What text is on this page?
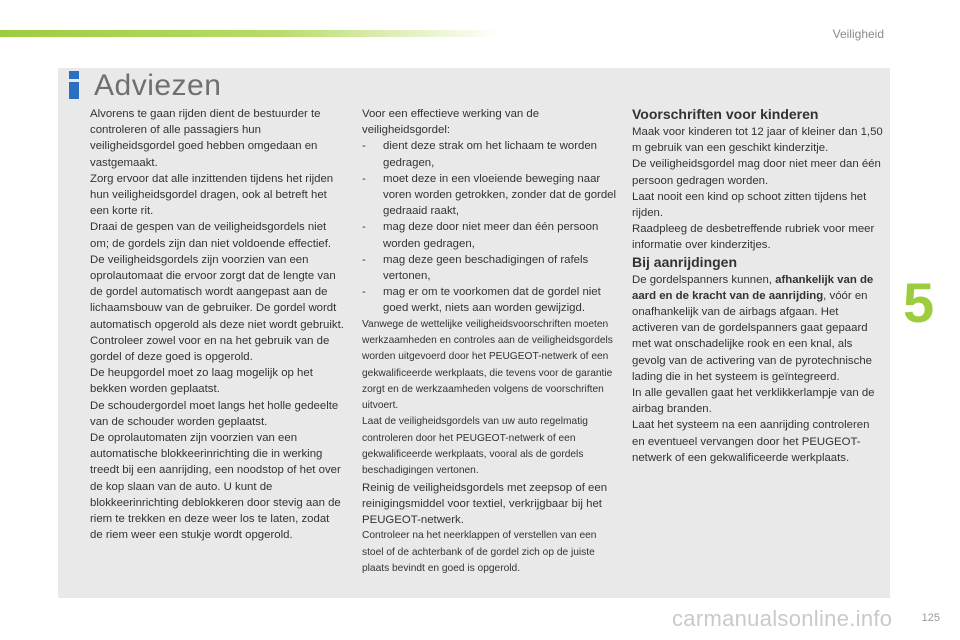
Veiligheid
Adviezen

Alvorens te gaan rijden dient de bestuurder te controleren of alle passagiers hun veiligheidsgordel goed hebben omgedaan en vastgemaakt.

Zorg ervoor dat alle inzittenden tijdens het rijden hun veiligheidsgordel dragen, ook al betreft het een korte rit.

Draai de gespen van de veiligheidsgordels niet om; de gordels zijn dan niet voldoende effectief.

De veiligheidsgordels zijn voorzien van een oprolautomaat die ervoor zorgt dat de lengte van de gordel automatisch wordt aangepast aan de lichaamsbouw van de gebruiker. De gordel wordt automatisch opgerold als deze niet wordt gebruikt.

Controleer zowel voor en na het gebruik van de gordel of deze goed is opgerold.

De heupgordel moet zo laag mogelijk op het bekken worden geplaatst.

De schoudergordel moet langs het holle gedeelte van de schouder worden geplaatst.

De oprolautomaten zijn voorzien van een automatische blokkeerinrichting die in werking treedt bij een aanrijding, een noodstop of het over de kop slaan van de auto. U kunt de blokkeerinrichting deblokkeren door stevig aan de riem te trekken en deze weer los te laten, zodat de riem weer een stukje wordt opgerold.

Voor een effectieve werking van de veiligheidsgordel:

- dient deze strak om het lichaam te worden gedragen,
- moet deze in een vloeiende beweging naar voren worden getrokken, zonder dat de gordel gedraaid raakt,
- mag deze door niet meer dan één persoon worden gedragen,
- mag deze geen beschadigingen of rafels vertonen,
- mag er om te voorkomen dat de gordel niet goed werkt, niets aan worden gewijzigd.

Vanwege de wettelijke veiligheidsvoorschriften moeten werkzaamheden en controles aan de veiligheidsgordels worden uitgevoerd door het PEUGEOT-netwerk of een gekwalificeerde werkplaats, die tevens voor de garantie zorgt en de werkzaamheden volgens de voorschriften uitvoert.

Laat de veiligheidsgordels van uw auto regelmatig controleren door het PEUGEOT-netwerk of een gekwalificeerde werkplaats, vooral als de gordels beschadigingen vertonen.

Reinig de veiligheidsgordels met zeepsop of een reinigingsmiddel voor textiel, verkrijgbaar bij het PEUGEOT-netwerk.

Controleer na het neerklappen of verstellen van een stoel of de achterbank of de gordel zich op de juiste plaats bevindt en goed is opgerold.

Voorschriften voor kinderen

Maak voor kinderen tot 12 jaar of kleiner dan 1,50 m gebruik van een geschikt kinderzitje.

De veiligheidsgordel mag door niet meer dan één persoon gedragen worden.

Laat nooit een kind op schoot zitten tijdens het rijden.

Raadpleeg de desbetreffende rubriek voor meer informatie over kinderzitjes.

Bij aanrijdingen

De gordelspanners kunnen, afhankelijk van de aard en de kracht van de aanrijding, vóór en onafhankelijk van de airbags afgaan. Het activeren van de gordelspanners gaat gepaard met wat onschadelijke rook en een knal, als gevolg van de activering van de pyrotechnische lading die in het systeem is geïntegreerd.

In alle gevallen gaat het verklikkerlampje van de airbag branden.

Laat het systeem na een aanrijding controleren en eventueel vervangen door het PEUGEOT-netwerk of een gekwalificeerde werkplaats.

5
carmanualsonline.info	125
